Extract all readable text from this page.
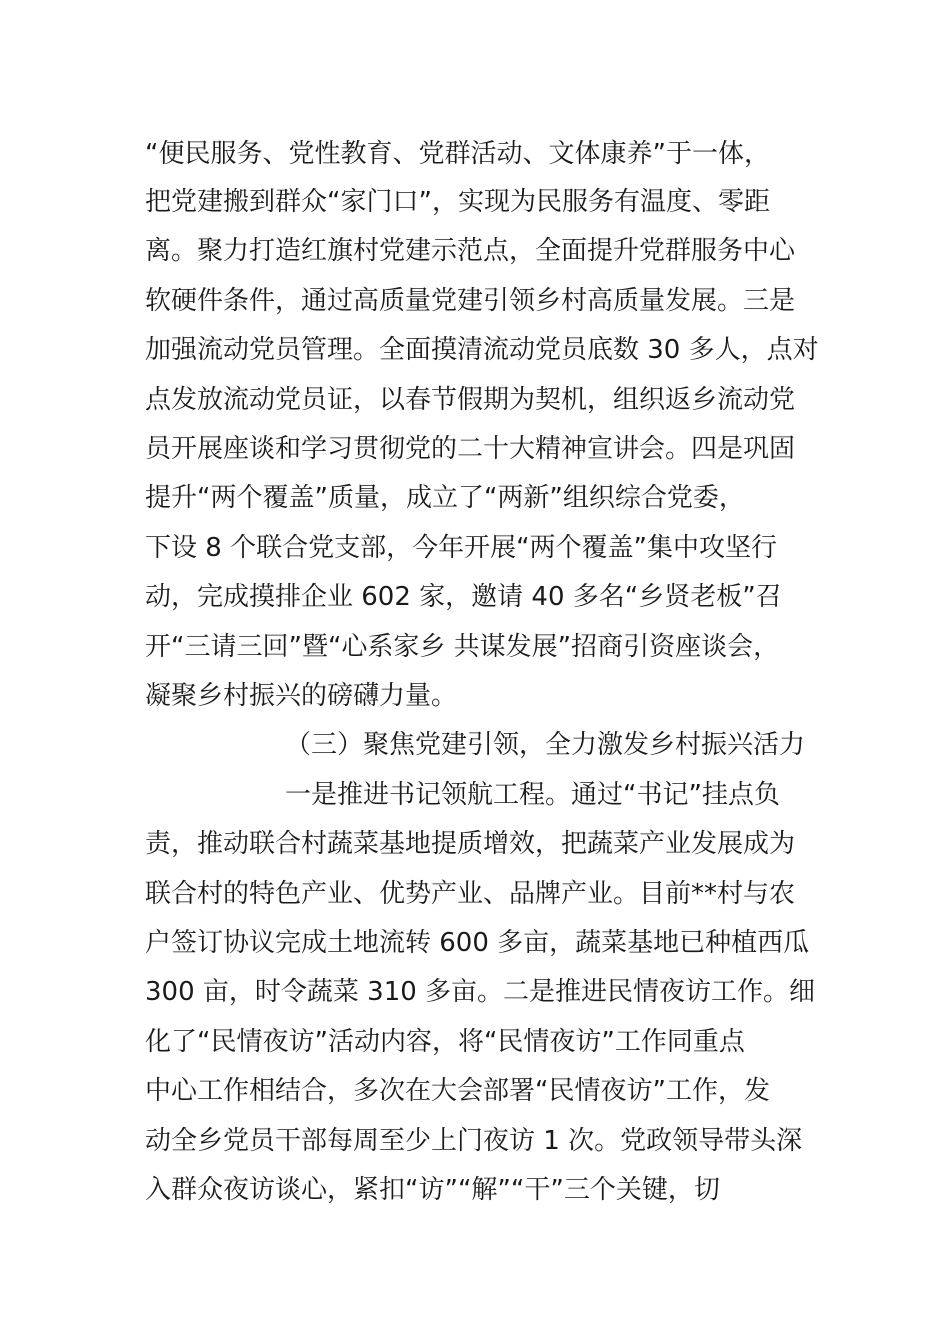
“便民服务、党性教育、党群活动、文体康养”于一体，

把党建搬到群众“家门口”，实现为民服务有温度、零距

离。聚力打造红旗村党建示范点，全面提升党群服务中心

软硬件条件，通过高质量党建引领乡村高质量发展。三是

加强流动党员管理。全面摸清流动党员底数 30 多人，点对

点发放流动党员证，以春节假期为契机，组织返乡流动党

员开展座谈和学习贯彻党的二十大精神宣讲会。四是巩固

提升“两个覆盖”质量，成立了“两新”组织综合党委，

下设 8 个联合党支部，今年开展“两个覆盖”集中攻坚行

动，完成摸排企业 602 家，邀请 40 多名“乡贤老板”召

开“三请三回”暨“心系家乡 共谋发展”招商引资座谈会，

凝聚乡村振兴的磅礴力量。

（三）聚焦党建引领，全力激发乡村振兴活力

一是推进书记领航工程。通过“书记”挂点负

责，推动联合村蔬菜基地提质增效，把蔬菜产业发展成为

联合村的特色产业、优势产业、品牌产业。目前**村与农

户签订协议完成土地流转 600 多亩，蔬菜基地已种植西瓜

300 亩，时令蔬菜 310 多亩。二是推进民情夜访工作。细

化了“民情夜访”活动内容，将“民情夜访”工作同重点

中心工作相结合，多次在大会部署“民情夜访”工作，发

动全乡党员干部每周至少上门夜访 1 次。党政领导带头深

入群众夜访谈心，紧扣“访”“解”“干”三个关键，切
